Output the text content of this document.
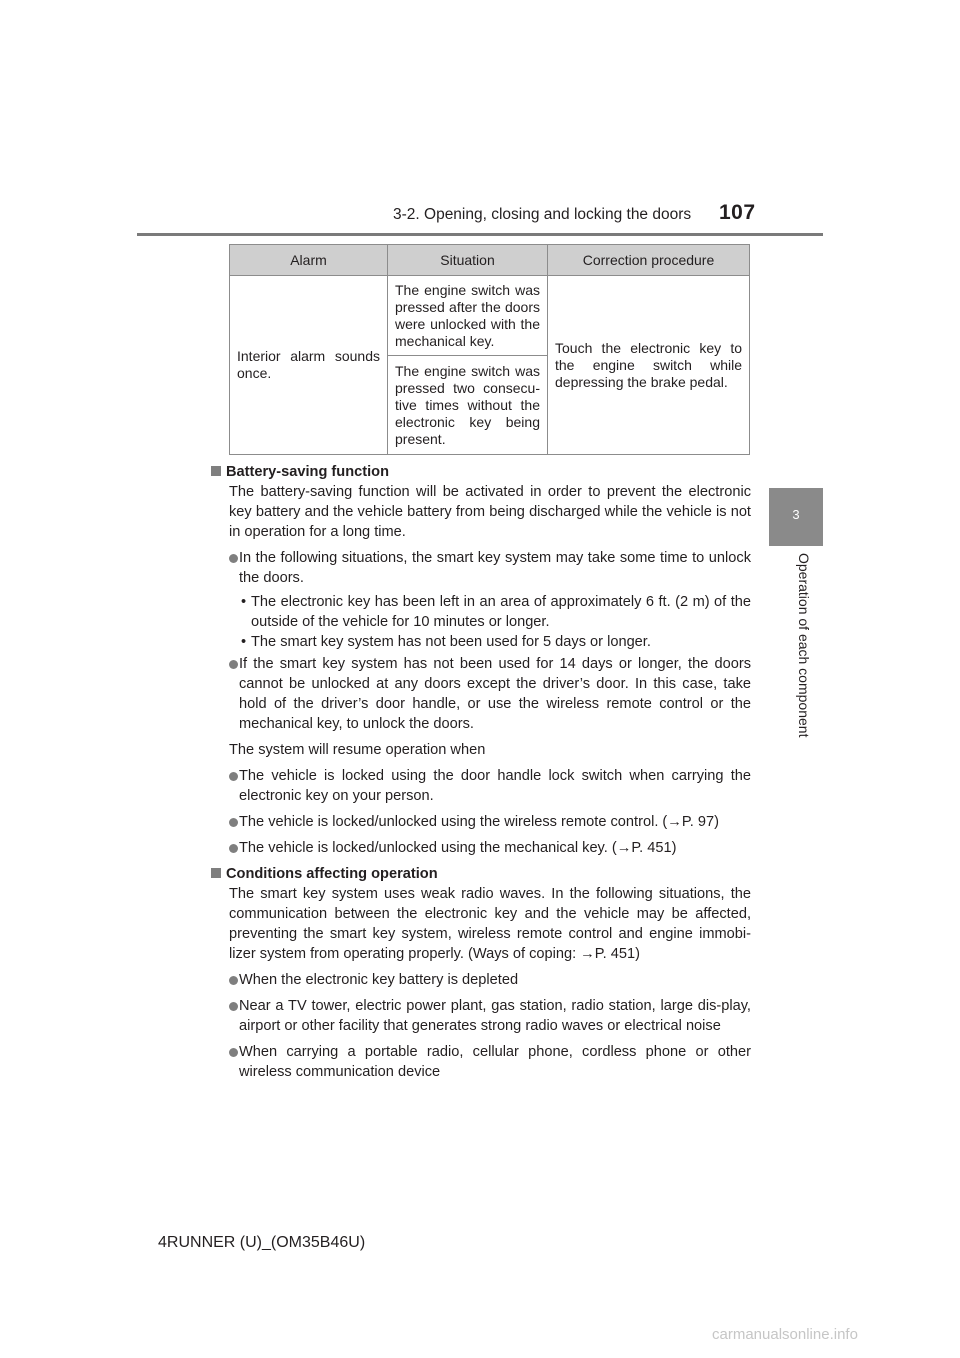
3-2. Opening, closing and locking the doors 107
3
Operation of each component
Alarm	Situation	Correction procedure
Interior alarm sounds once.	The engine switch was pressed after the doors were unlocked with the mechanical key.	Touch the electronic key to the engine switch while depressing the brake pedal.
	The engine switch was pressed two consecu-tive times without the electronic key being present.	

Battery-saving function

The battery-saving function will be activated in order to prevent the electronic key battery and the vehicle battery from being discharged while the vehicle is not in operation for a long time.

In the following situations, the smart key system may take some time to unlock the doors.

• The electronic key has been left in an area of approximately 6 ft. (2 m) of the outside of the vehicle for 10 minutes or longer.

• The smart key system has not been used for 5 days or longer.

If the smart key system has not been used for 14 days or longer, the doors cannot be unlocked at any doors except the driver’s door. In this case, take hold of the driver’s door handle, or use the wireless remote control or the mechanical key, to unlock the doors.

The system will resume operation when

The vehicle is locked using the door handle lock switch when carrying the electronic key on your person.

The vehicle is locked/unlocked using the wireless remote control. (→P. 97)

The vehicle is locked/unlocked using the mechanical key. (→P. 451)

Conditions affecting operation

The smart key system uses weak radio waves. In the following situations, the communication between the electronic key and the vehicle may be affected, preventing the smart key system, wireless remote control and engine immobi-lizer system from operating properly. (Ways of coping: →P. 451)

When the electronic key battery is depleted

Near a TV tower, electric power plant, gas station, radio station, large dis-play, airport or other facility that generates strong radio waves or electrical noise

When carrying a portable radio, cellular phone, cordless phone or other wireless communication device

4RUNNER (U)_(OM35B46U)
carmanualsonline.info
